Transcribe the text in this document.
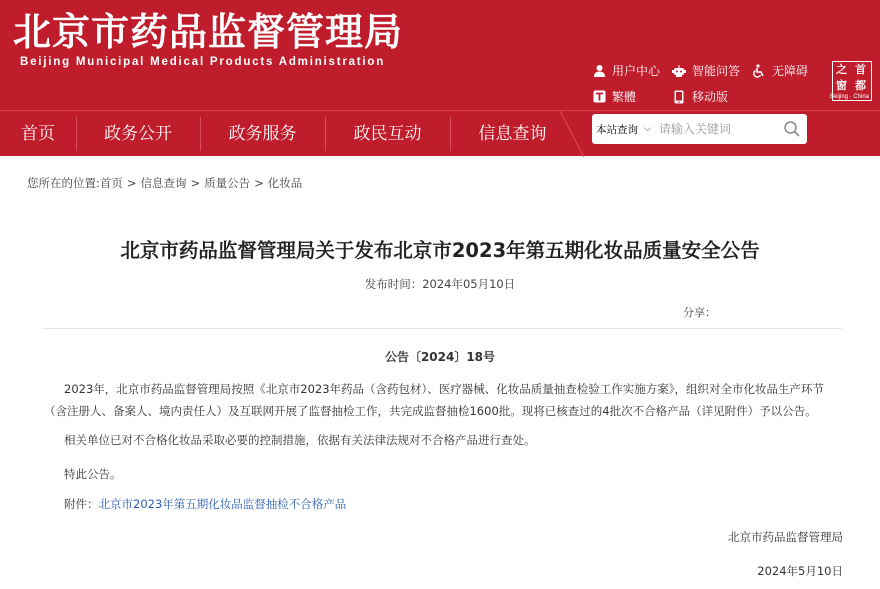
北京市药品监督管理局
Beijing Municipal Medical Products Administration
用户中心	智能问答	无障碍
繁體	移动版
之 首
窗 都
Beijing · China
首页	政务公开	政务服务	政民互动	信息查询	本站查询 ⌵
请输入关键词
您所在的位置:首页 > 信息查询 > 质量公告 > 化妆品
北京市药品监督管理局关于发布北京市2023年第五期化妆品质量安全公告
发布时间：2024年05月10日
分享：
公告〔2024〕18号
2023年，北京市药品监督管理局按照《北京市2023年药品（含药包材）、医疗器械、化妆品质量抽查检验工作实施方案》，组织对全市化妆品生产环节（含注册人、备案人、境内责任人）及互联网开展了监督抽检工作，共完成监督抽检1600批。现将已核查过的4批次不合格产品（详见附件）予以公告。
相关单位已对不合格化妆品采取必要的控制措施，依据有关法律法规对不合格产品进行查处。
特此公告。
附件：北京市2023年第五期化妆品监督抽检不合格产品
北京市药品监督管理局
2024年5月10日
